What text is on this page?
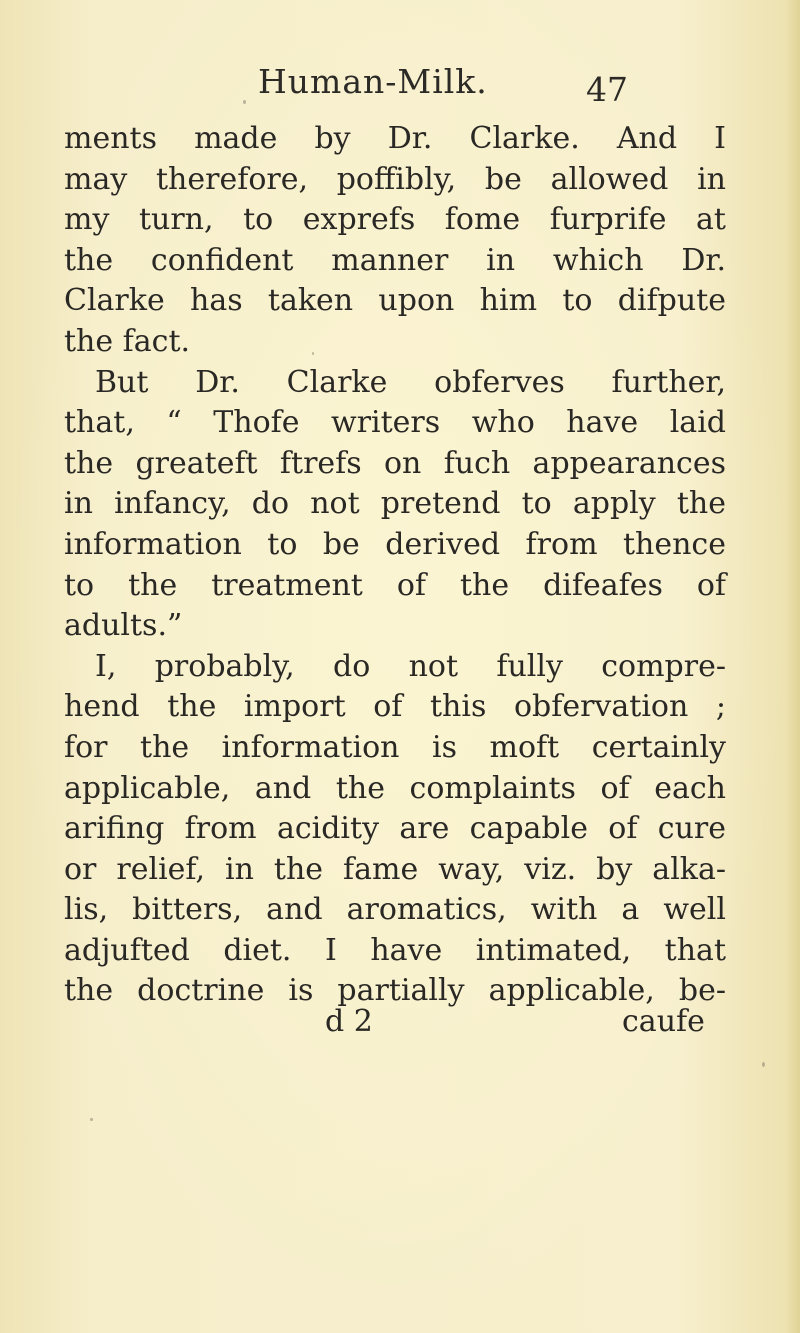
Human-Milk.	47
ments made by Dr. Clarke. And I
may therefore, poffibly, be allowed in
my turn, to exprefs fome furprife at
the confident manner in which Dr.
Clarke has taken upon him to difpute
the fact.
But Dr. Clarke obferves further,
that, “ Thofe writers who have laid
the greateft ftrefs on fuch appearances
in infancy, do not pretend to apply the
information to be derived from thence
to the treatment of the difeafes of
adults.”
I, probably, do not fully compre-
hend the import of this obfervation ;
for the information is moft certainly
applicable, and the complaints of each
arifing from acidity are capable of cure
or relief, in the fame way, viz. by alka-
lis, bitters, and aromatics, with a well
adjufted diet. I have intimated, that
the doctrine is partially applicable, be-
d 2	caufe
